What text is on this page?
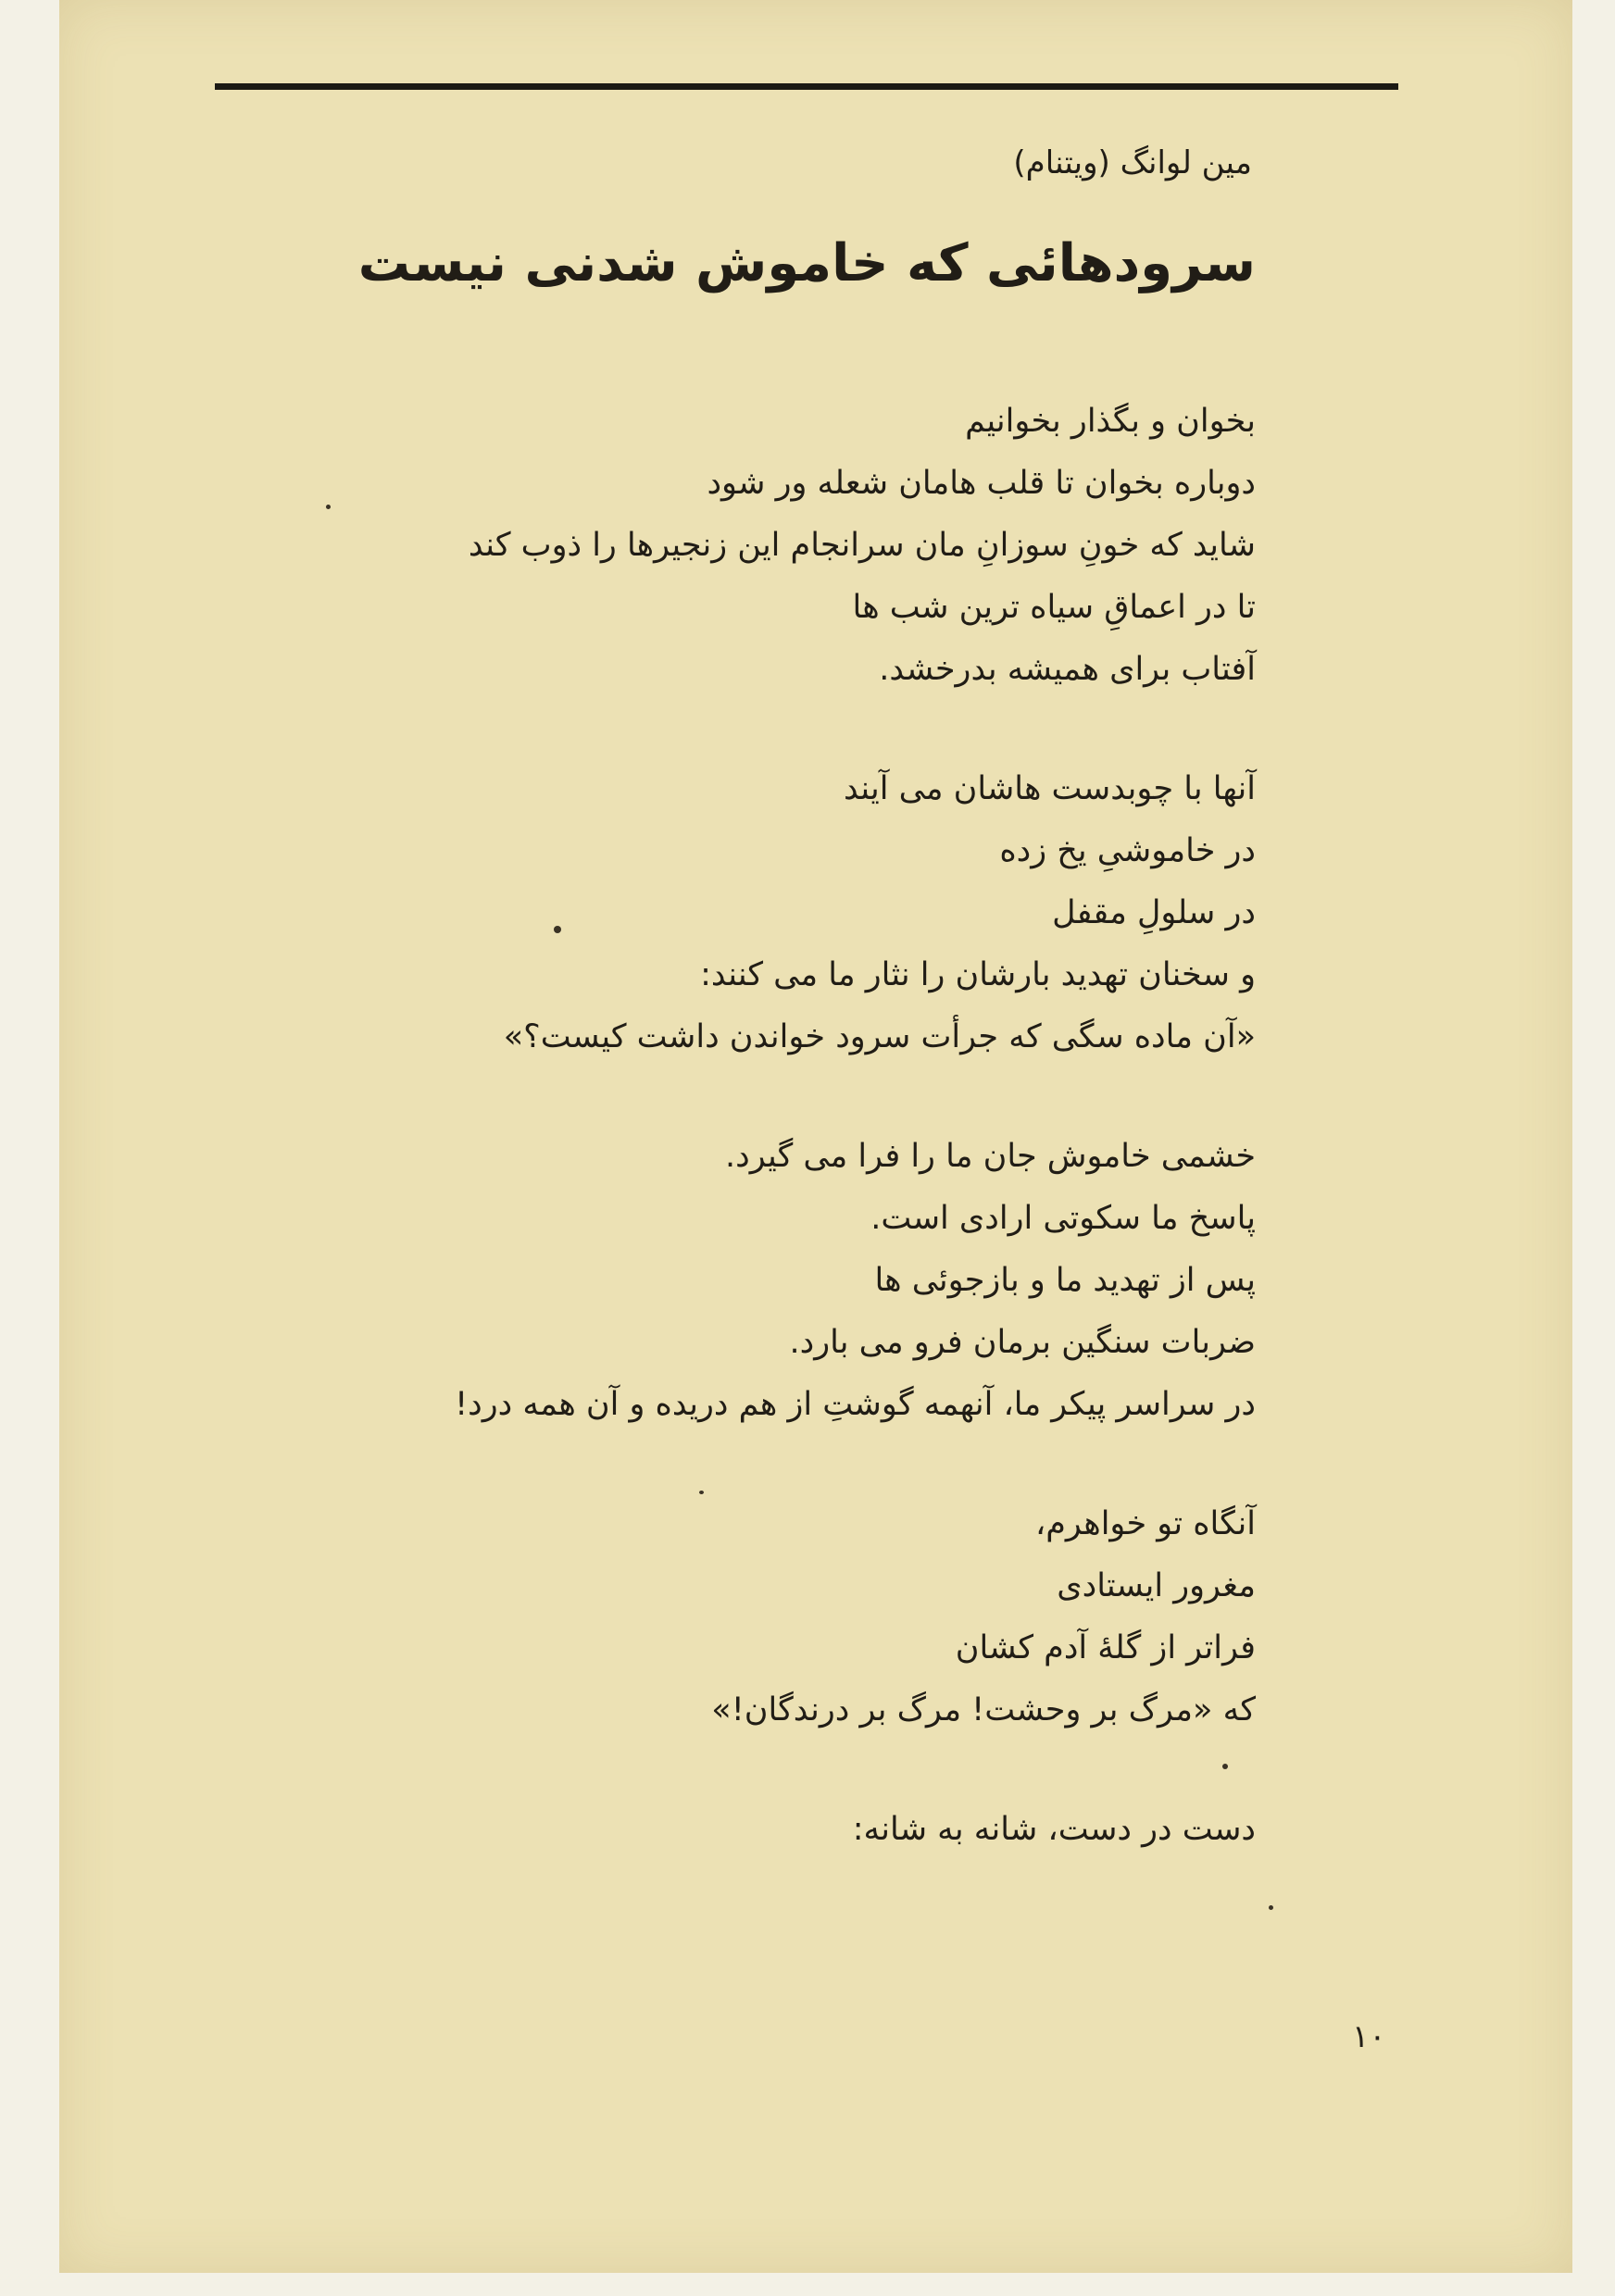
مین لوانگ (ویتنام)

سرودهائی که خاموش شدنی نیست
بخوان و بگذار بخوانیم
دوباره بخوان تا قلب هامان شعله ور شود
شاید که خونِ سوزانِ مان سرانجام این زنجیرها را ذوب کند
تا در اعماقِ سیاه ترین شب ها
آفتاب برای همیشه بدرخشد.
آنها با چوبدست هاشان می آیند
در خاموشیِ یخ زده
در سلولِ مقفل
و سخنان تهدید بارشان را نثار ما می کنند:
«آن ماده سگی که جرأت سرود خواندن داشت کیست؟»
خشمی خاموش جان ما را فرا می گیرد.
پاسخ ما سکوتی ارادی است.
پس از تهدید ما و بازجوئی ها
ضربات سنگین برمان فرو می بارد.
در سراسر پیکر ما، آنهمه گوشتِ از هم دریده و آن همه درد!
آنگاه تو خواهرم،
مغرور ایستادی
فراتر از گلهٔ آدم کشان
که «مرگ بر وحشت! مرگ بر درندگان!»
دست در دست، شانه به شانه:
۱۰
